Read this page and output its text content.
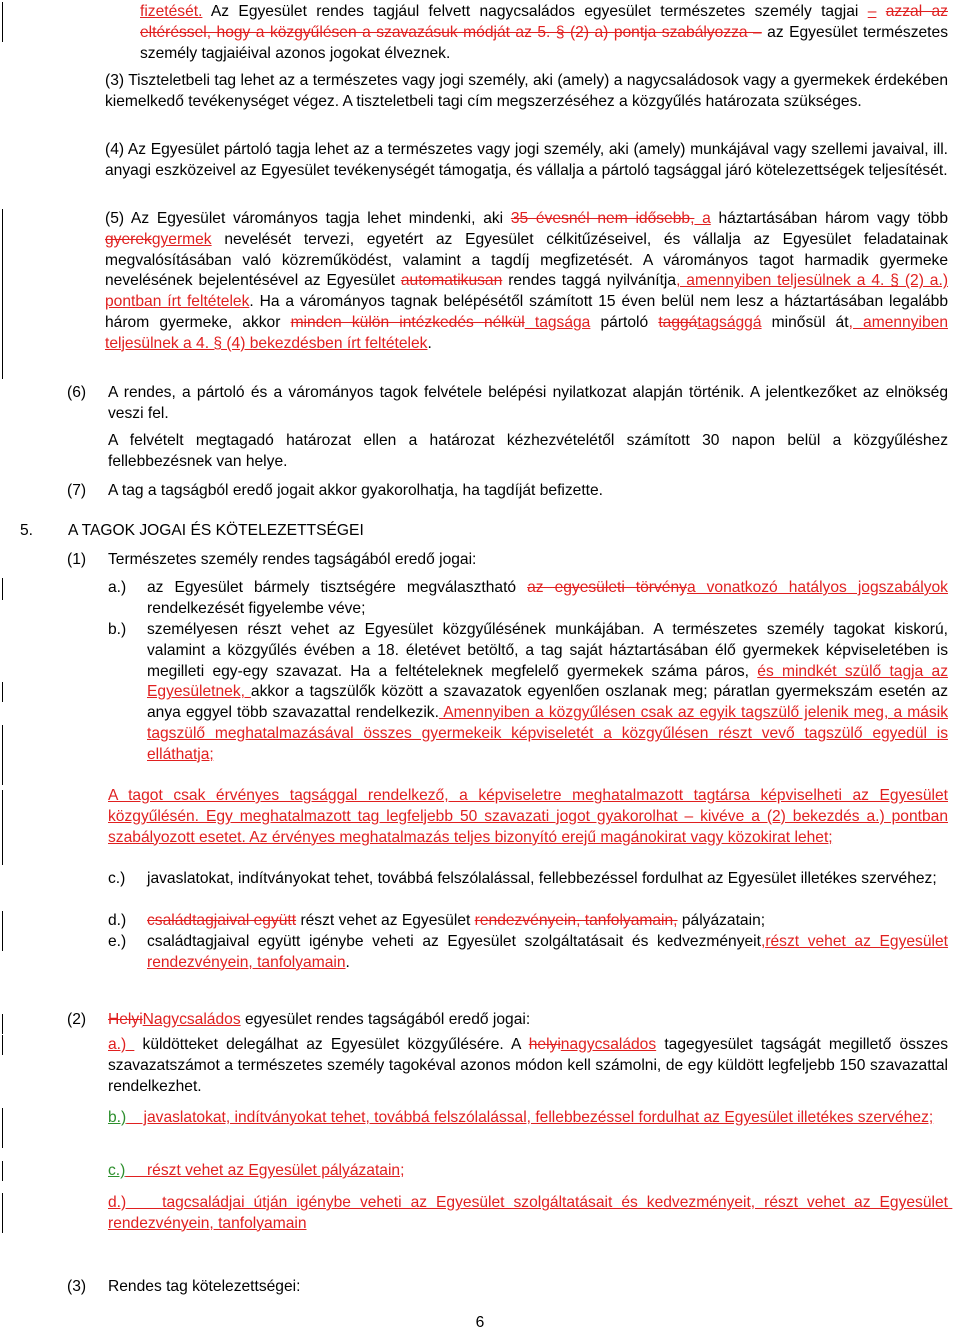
fizetését. Az Egyesület rendes tagjául felvett nagycsaládos egyesület természetes személy tagjai – azzal az eltéréssel, hogy a közgyűlésen a szavazásuk módját az 5. § (2) a) pontja szabályozza – az Egyesület természetes személy tagjaiéival azonos jogokat élveznek.
(3) Tiszteletbeli tag lehet az a természetes vagy jogi személy, aki (amely) a nagycsaládosok vagy a gyermekek érdekében kiemelkedő tevékenységet végez. A tiszteletbeli tagi cím megszerzéséhez a közgyűlés határozata szükséges.
(4) Az Egyesület pártoló tagja lehet az a természetes vagy jogi személy, aki (amely) munkájával vagy szellemi javaival, ill. anyagi eszközeivel az Egyesület tevékenységét támogatja, és vállalja a pártoló tagsággal járó kötelezettségek teljesítését.
(5) Az Egyesület várományos tagja lehet mindenki, aki 35 évesnél nem idősebb, a háztartásában három vagy több gyerekgyermek nevelését tervezi, egyetért az Egyesület célkitűzéseivel, és vállalja az Egyesület feladatainak megvalósításában való közreműködést, valamint a tagdíj megfizetését. A várományos tagot harmadik gyermeke nevelésének bejelentésével az Egyesület automatikusan rendes taggá nyilvánítja, amennyiben teljesülnek a 4. § (2) a.) pontban írt feltételek. Ha a várományos tagnak belépésétől számított 15 éven belül nem lesz a háztartásában legalább három gyermeke, akkor minden külön intézkedés nélkül tagsága pártoló taggátagsággá minősül át, amennyiben teljesülnek a 4. § (4) bekezdésben írt feltételek.
(6)	A rendes, a pártoló és a várományos tagok felvétele belépési nyilatkozat alapján történik. A jelentkezőket az elnökség veszi fel.
A felvételt megtagadó határozat ellen a határozat kézhezvételétől számított 30 napon belül a közgyűléshez fellebbezésnek van helye.
(7)	A tag a tagságból eredő jogait akkor gyakorolhatja, ha tagdíját befizette.
5. A TAGOK JOGAI ÉS KÖTELEZETTSÉGEI
(1)	Természetes személy rendes tagságából eredő jogai:
a.)	az Egyesület bármely tisztségére megválasztható az egyesületi törvénya vonatkozó hatályos jogszabályok rendelkezését figyelembe véve;
b.)	személyesen részt vehet az Egyesület közgyűlésének munkájában. A természetes személy tagokat kiskorú, valamint a közgyűlés évében a 18. életévet betöltő, a tag saját háztartásában élő gyermekek képviseletében is megilleti egy-egy szavazat. Ha a feltételeknek megfelelő gyermekek száma páros, és mindkét szülő tagja az Egyesületnek, akkor a tagszülők között a szavazatok egyenlően oszlanak meg; páratlan gyermekszám esetén az anya eggyel több szavazattal rendelkezik. Amennyiben a közgyűlésen csak az egyik tagszülő jelenik meg, a másik tagszülő meghatalmazásával összes gyermekeik képviseletét a közgyűlésen részt vevő tagszülő egyedül is elláthatja;
c.)	javaslatokat, indítványokat tehet, továbbá felszólalással, fellebbezéssel fordulhat az Egyesület illetékes szervéhez;
d.)	családtagjaival együtt részt vehet az Egyesület rendezvényein, tanfolyamain, pályázatain;
e.)	családtagjaival együtt igénybe veheti az Egyesület szolgáltatásait és kedvezményeit,részt vehet az Egyesület rendezvényein, tanfolyamain.
A tagot csak érvényes tagsággal rendelkező, a képviseletre meghatalmazott tagtársa képviselheti az Egyesület közgyűlésén. Egy meghatalmazott tag legfeljebb 50 szavazati jogot gyakorolhat – kivéve a (2) bekezdés a.) pontban szabályozott esetet. Az érvényes meghatalmazás teljes bizonyító erejű magánokirat vagy közokirat lehet;
(2)	HelyiNagycsaládos egyesület rendes tagságából eredő jogai:
a.)  küldötteket delegálhat az Egyesület közgyűlésére. A helyinagycsaládos tagegyesület tagságát megillető összes szavazatszámot a természetes személy tagokéval azonos módon kell számolni, de egy küldött legfeljebb 150 szavazattal rendelkezhet.
b.)    javaslatokat, indítványokat tehet, továbbá felszólalással, fellebbezéssel fordulhat az Egyesület illetékes szervéhez;
c.)     részt vehet az Egyesület pályázatain;
d.)    tagcsaládjai útján igénybe veheti az Egyesület szolgáltatásait és kedvezményeit, részt vehet az Egyesület rendezvényein, tanfolyamain
(3)	Rendes tag kötelezettségei:
6
